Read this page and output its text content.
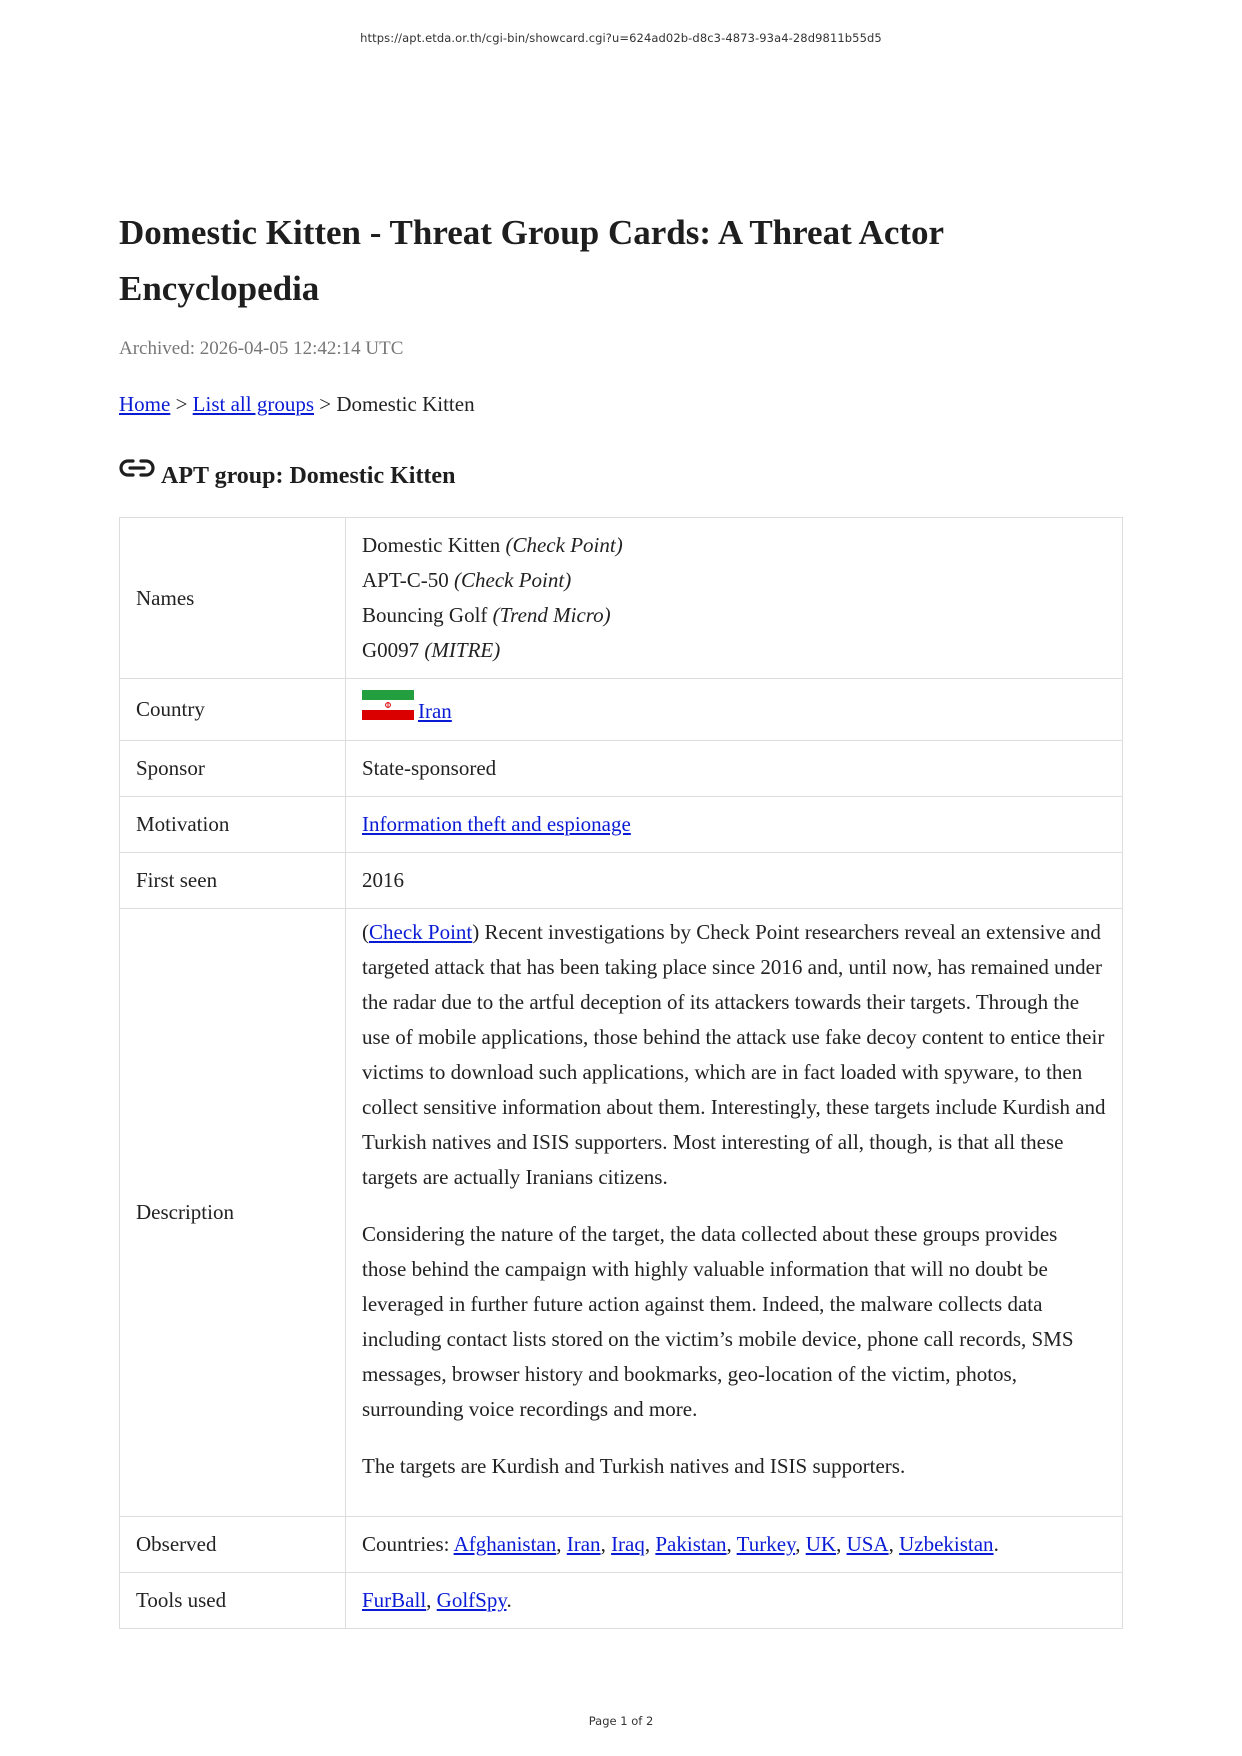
https://apt.etda.or.th/cgi-bin/showcard.cgi?u=624ad02b-d8c3-4873-93a4-28d9811b55d5
Domestic Kitten - Threat Group Cards: A Threat Actor Encyclopedia
Archived: 2026-04-05 12:42:14 UTC
Home > List all groups > Domestic Kitten
APT group: Domestic Kitten
Names	Domestic Kitten (Check Point)
APT-C-50 (Check Point)
Bouncing Golf (Trend Micro)
G0097 (MITRE)

Country	Iran
Sponsor	State-sponsored
Motivation	Information theft and espionage
First seen	2016
Description	(Check Point) Recent investigations by Check Point researchers reveal an extensive and targeted attack that has been taking place since 2016 and, until now, has remained under the radar due to the artful deception of its attackers towards their targets. Through the use of mobile applications, those behind the attack use fake decoy content to entice their victims to download such applications, which are in fact loaded with spyware, to then collect sensitive information about them. Interestingly, these targets include Kurdish and Turkish natives and ISIS supporters. Most interesting of all, though, is that all these targets are actually Iranians citizens.

Considering the nature of the target, the data collected about these groups provides those behind the campaign with highly valuable information that will no doubt be leveraged in further future action against them. Indeed, the malware collects data including contact lists stored on the victim’s mobile device, phone call records, SMS messages, browser history and bookmarks, geo-location of the victim, photos, surrounding voice recordings and more.

The targets are Kurdish and Turkish natives and ISIS supporters.

Observed	Countries: Afghanistan, Iran, Iraq, Pakistan, Turkey, UK, USA, Uzbekistan.
Tools used	FurBall, GolfSpy.
Page 1 of 2
